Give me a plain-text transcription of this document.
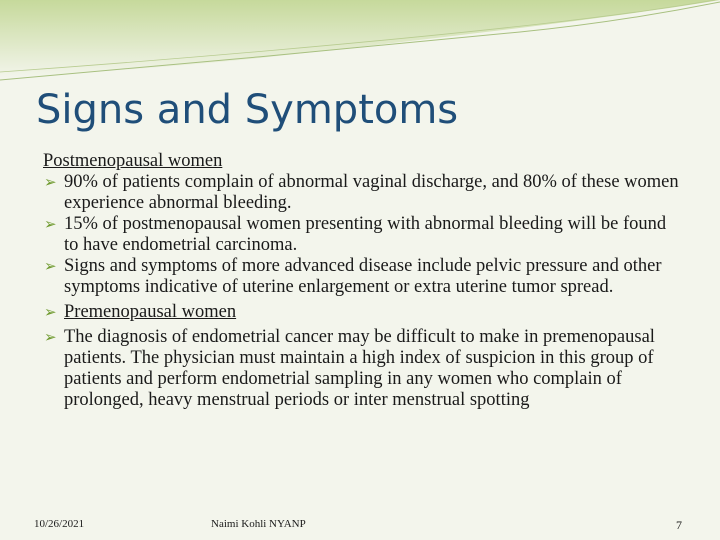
Signs and Symptoms

Postmenopausal women

➢ 90% of patients complain of abnormal vaginal discharge, and 80% of these women experience abnormal bleeding.

➢ 15% of postmenopausal women presenting with abnormal bleeding will be found to have endometrial carcinoma.

➢ Signs and symptoms of more advanced disease include pelvic pressure and other symptoms indicative of uterine enlargement or extra uterine tumor spread.

➢ Premenopausal women

➢ The diagnosis of endometrial cancer may be difficult to make in premenopausal patients. The physician must maintain a high index of suspicion in this group of patients and perform endometrial sampling in any women who complain of prolonged, heavy menstrual periods or inter menstrual spotting

10/26/2021	Naimi Kohli NYANP	7
